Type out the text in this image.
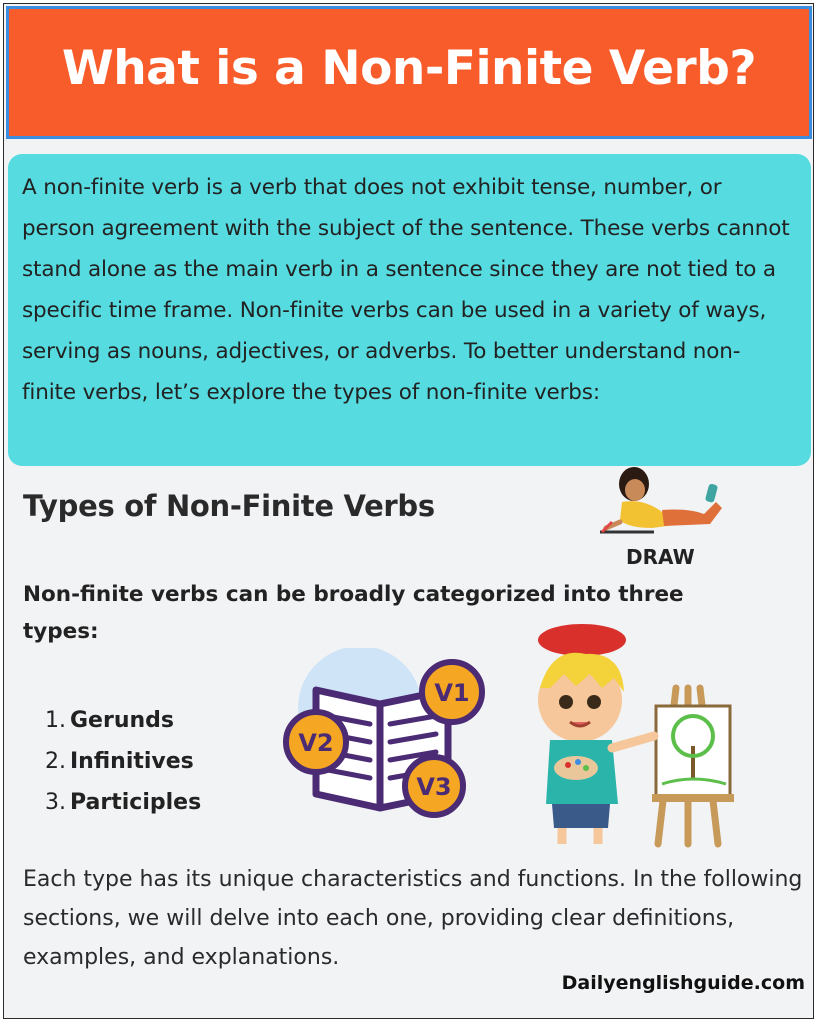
What is a Non-Finite Verb?

A non-finite verb is a verb that does not exhibit tense, number, or person agreement with the subject of the sentence. These verbs cannot stand alone as the main verb in a sentence since they are not tied to a specific time frame. Non-finite verbs can be used in a variety of ways, serving as nouns, adjectives, or adverbs. To better understand non-finite verbs, let’s explore the types of non-finite verbs:

Types of Non-Finite Verbs
DRAW

Non-finite verbs can be broadly categorized into three types:

1. Gerunds
2. Infinitives
3. Participles
V1
V2
V3

Each type has its unique characteristics and functions. In the following sections, we will delve into each one, providing clear definitions, examples, and explanations.

Dailyenglishguide.com
